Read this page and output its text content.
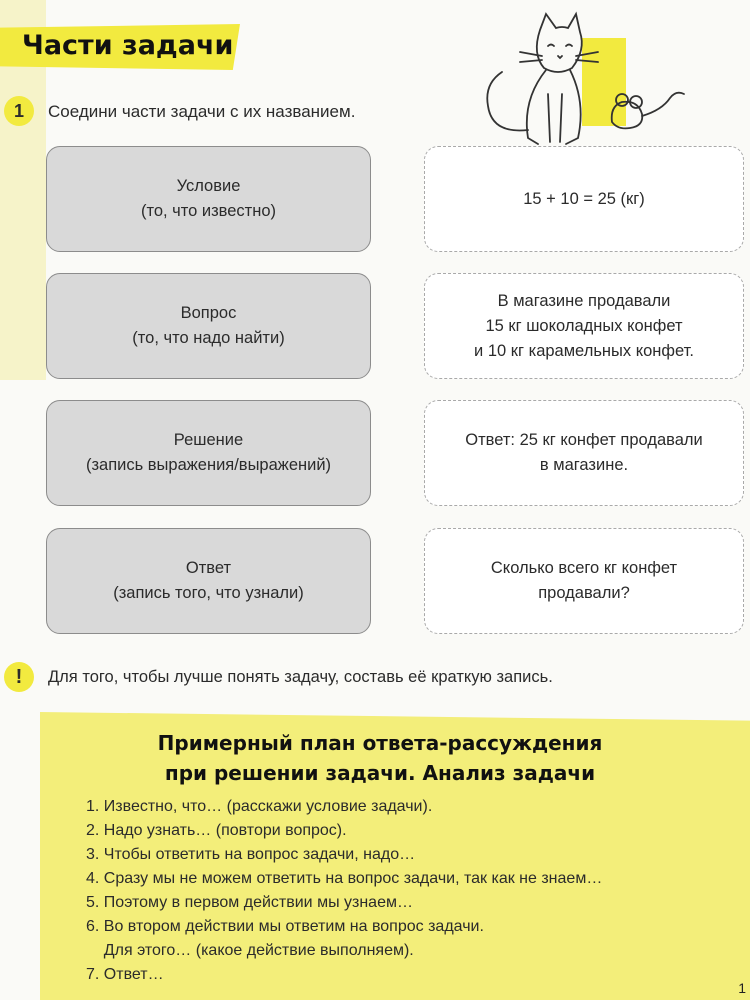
Части задачи
1	Соедини части задачи с их названием.
Условие
(то, что известно)
Вопрос
(то, что надо найти)
Решение
(запись выражения/выражений)
Ответ
(запись того, что узнали)
15 + 10 = 25 (кг)
В магазине продавали
15 кг шоколадных конфет
и 10 кг карамельных конфет.
Ответ: 25 кг конфет продавали
в магазине.
Сколько всего кг конфет
продавали?
!	Для того, чтобы лучше понять задачу, составь её краткую запись.
Примерный план ответа-рассуждения
при решении задачи. Анализ задачи
1. Известно, что… (расскажи условие задачи).
2. Надо узнать… (повтори вопрос).
3. Чтобы ответить на вопрос задачи, надо…
4. Сразу мы не можем ответить на вопрос задачи, так как не знаем…
5. Поэтому в первом действии мы узнаем…
6. Во втором действии мы ответим на вопрос задачи.
Для этого… (какое действие выполняем).
7. Ответ…
1
